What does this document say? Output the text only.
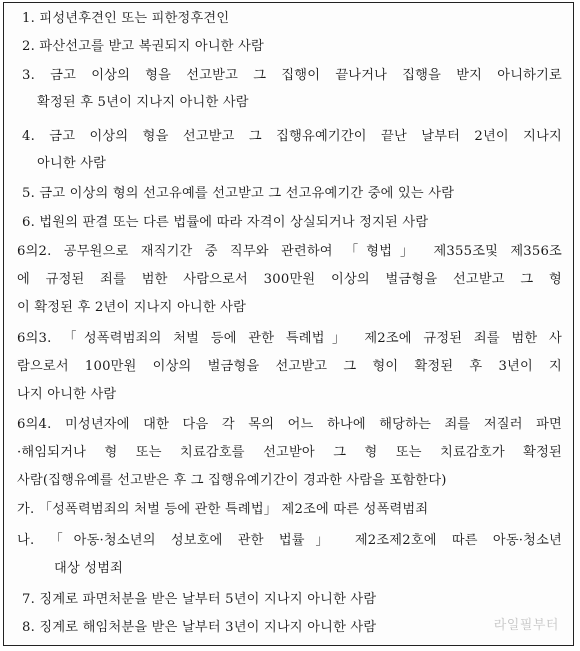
1. 피성년후견인 또는 피한정후견인
2. 파산선고를 받고 복권되지 아니한 사람
3. 금고 이상의 형을 선고받고 그 집행이 끝나거나 집행을 받지 아니하기로
확정된 후 5년이 지나지 아니한 사람
4. 금고 이상의 형을 선고받고 그 집행유예기간이 끝난 날부터 2년이 지나지
아니한 사람
5. 금고 이상의 형의 선고유예를 선고받고 그 선고유예기간 중에 있는 사람
6. 법원의 판결 또는 다른 법률에 따라 자격이 상실되거나 정지된 사람
6의2. 공무원으로 재직기간 중 직무와 관련하여 「형법」 제355조및 제356조
에 규정된 죄를 범한 사람으로서 300만원 이상의 벌금형을 선고받고 그 형
이 확정된 후 2년이 지나지 아니한 사람
6의3. 「성폭력범죄의 처벌 등에 관한 특례법」 제2조에 규정된 죄를 범한 사
람으로서 100만원 이상의 벌금형을 선고받고 그 형이 확정된 후 3년이 지
나지 아니한 사람
6의4. 미성년자에 대한 다음 각 목의 어느 하나에 해당하는 죄를 저질러 파면
·해임되거나 형 또는 치료감호를 선고받아 그 형 또는 치료감호가 확정된
사람(집행유예를 선고받은 후 그 집행유예기간이 경과한 사람을 포함한다)
가. 「성폭력범죄의 처벌 등에 관한 특례법」 제2조에 따른 성폭력범죄
나. 「아동·청소년의 성보호에 관한 법률」 제2조제2호에 따른 아동·청소년
대상 성범죄
7. 징계로 파면처분을 받은 날부터 5년이 지나지 아니한 사람
8. 징계로 해임처분을 받은 날부터 3년이 지나지 아니한 사람	라일필부터
